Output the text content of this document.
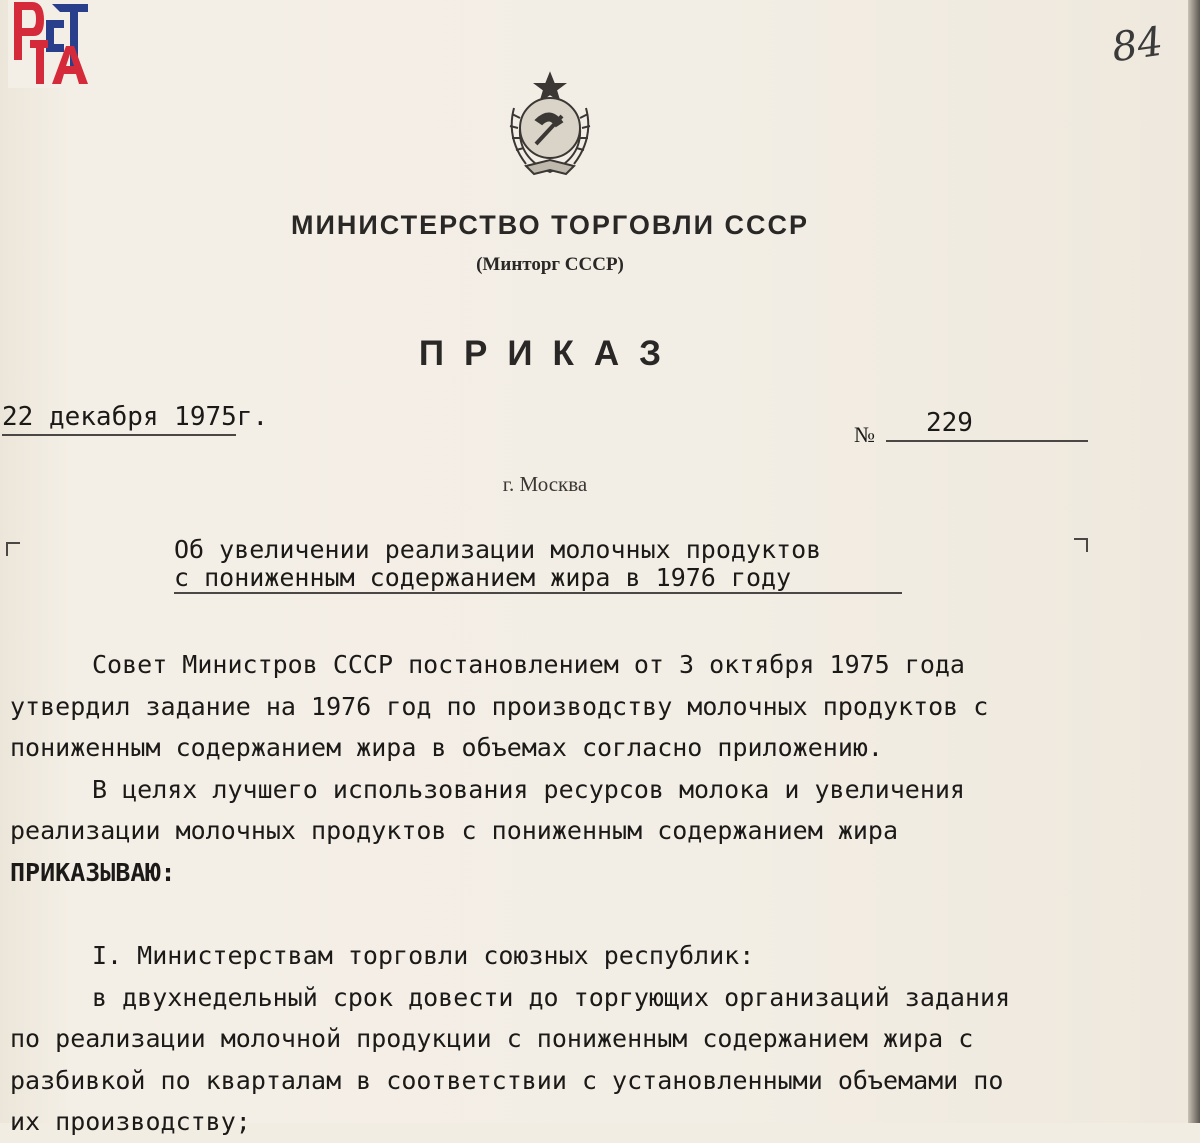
84
МИНИСТЕРСТВО ТОРГОВЛИ СССР
(Минторг СССР)
ПРИКАЗ
22 декабря 1975г.
№	229
г. Москва
Об увеличении реализации молочных продуктов
с пониженным содержанием жира в 1976 году
Совет Министров СССР постановлением от 3 октября 1975 года
утвердил задание на 1976 год по производству молочных продуктов с
пониженным содержанием жира в объемах согласно приложению.
В целях лучшего использования ресурсов молока и увеличения
реализации молочных продуктов с пониженным содержанием жира
ПРИКАЗЫВАЮ:
I. Министерствам торговли союзных республик:
в двухнедельный срок довести до торгующих организаций задания
по реализации молочной продукции с пониженным содержанием жира с
разбивкой по кварталам в соответствии с установленными объемами по
их производству;
